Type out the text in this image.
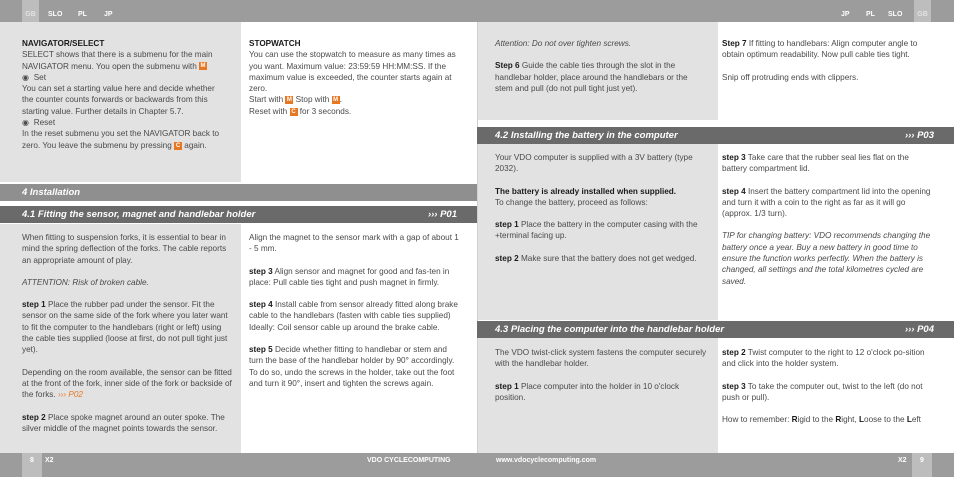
GB	SLO PL JP	JP PL SLO	GB
NAVIGATOR/SELECT
SELECT shows that there is a submenu for the main NAVIGATOR menu. You open the submenu with M
◉ Set
You can set a starting value here and decide whether the counter counts forwards or backwards from this starting value. Further details in Chapter 5.7.
◉ Reset
In the reset submenu you set the NAVIGATOR back to zero. You leave the submenu by pressing C again.
STOPWATCH
You can use the stopwatch to measure as many times as you want. Maximum value: 23:59:59 HH:MM:SS. If the maximum value is exceeded, the counter starts again at zero.
Start with M Stop with M .
Reset with C for 3 seconds.
4 Installation
4.1 Fitting the sensor, magnet and handlebar holder	››› P01
When fitting to suspension forks, it is essential to bear in mind the spring deflection of the forks. The cable reports an appropriate amount of play.
ATTENTION: Risk of broken cable.
step 1 Place the rubber pad under the sensor. Fit the sensor on the same side of the fork where you later want to fit the computer to the handlebars (right or left) using the cable ties supplied (loose at first, do not pull tight just yet).
Depending on the room available, the sensor can be fitted at the front of the fork, inner side of the fork or backside of the forks. ››› P02
step 2 Place spoke magnet around an outer spoke. The silver middle of the magnet points towards the sensor.
Align the magnet to the sensor mark with a gap of about 1 - 5 mm.
step 3 Align sensor and magnet for good and fas-ten in place: Pull cable ties tight and push magnet in firmly.
step 4 Install cable from sensor already fitted along brake cable to the handlebars (fasten with cable ties supplied) Ideally: Coil sensor cable up around the brake cable.
step 5 Decide whether fitting to handlebar or stem and turn the base of the handlebar holder by 90° accordingly. To do so, undo the screws in the holder, take out the foot and turn it 90°, insert and tighten the screws again.
Attention: Do not over tighten screws.
Step 6 Guide the cable ties through the slot in the handlebar holder, place around the handlebars or the stem and pull (do not pull tight just yet).
Step 7 If fitting to handlebars: Align computer angle to obtain optimum readability. Now pull cable ties tight.
Snip off protruding ends with clippers.
4.2 Installing the battery in the computer	››› P03
Your VDO computer is supplied with a 3V battery (type 2032).
The battery is already installed when supplied.
To change the battery, proceed as follows:
step 1 Place the battery in the computer casing with the +terminal facing up.
step 2 Make sure that the battery does not get wedged.
step 3 Take care that the rubber seal lies flat on the battery compartment lid.
step 4 Insert the battery compartment lid into the opening and turn it with a coin to the right as far as it will go (approx. 1/3 turn).
TIP for changing battery: VDO recommends changing the battery once a year. Buy a new battery in good time to ensure the function works perfectly. When the battery is changed, all settings and the total kilometres cycled are saved.
4.3 Placing the computer into the handlebar holder	››› P04
The VDO twist-click system fastens the computer securely with the handlebar holder.
step 1 Place computer into the holder in 10 o'clock position.
step 2 Twist computer to the right to 12 o'clock po-sition and click into the holder system.
step 3 To take the computer out, twist to the left (do not push or pull).
How to remember: Rigid to the Right, Loose to the Left
8	X2	VDO CYCLECOMPUTING	www.vdocyclecomputing.com	X2	9
